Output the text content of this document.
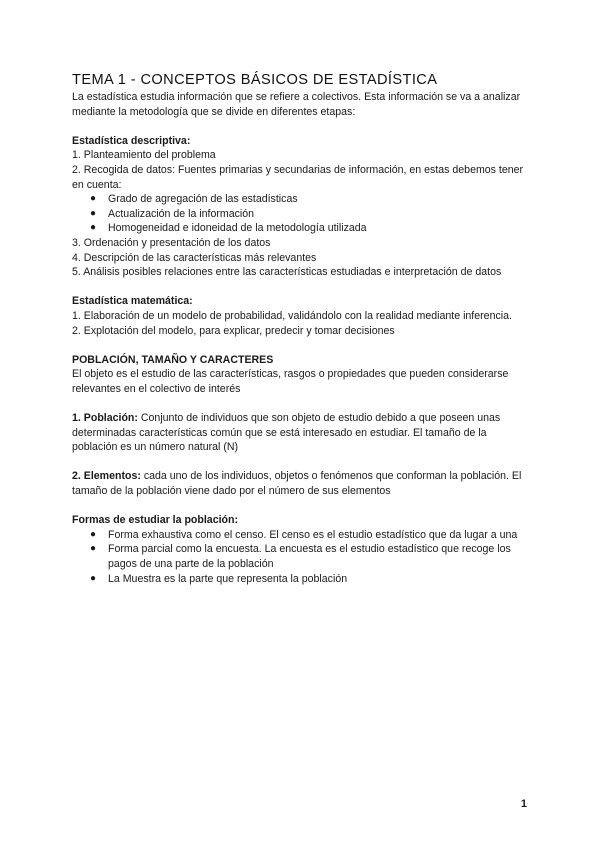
TEMA 1 - CONCEPTOS BÁSICOS DE ESTADÍSTICA

La estadística estudia información que se refiere a colectivos. Esta información se va a analizar mediante la metodología que se divide en diferentes etapas:

Estadística descriptiva:

1. Planteamiento del problema

2. Recogida de datos: Fuentes primarias y secundarias de información, en estas debemos tener en cuenta:

● Grado de agregación de las estadísticas
● Actualización de la información
● Homogeneidad e idoneidad de la metodología utilizada

3. Ordenación y presentación de los datos

4. Descripción de las características más relevantes

5. Análisis posibles relaciones entre las características estudiadas e interpretación de datos

Estadística matemática:

1. Elaboración de un modelo de probabilidad, validándolo con la realidad mediante inferencia.

2. Explotación del modelo, para explicar, predecir y tomar decisiones

POBLACIÓN, TAMAÑO Y CARACTERES

El objeto es el estudio de las características, rasgos o propiedades que pueden considerarse relevantes en el colectivo de interés

1. Población: Conjunto de individuos que son objeto de estudio debido a que poseen unas determinadas características común que se está interesado en estudiar. El tamaño de la población es un número natural (N)

2. Elementos: cada uno de los individuos, objetos o fenómenos que conforman la población. El tamaño de la población viene dado por el número de sus elementos

Formas de estudiar la población:

● Forma exhaustiva como el censo. El censo es el estudio estadístico que da lugar a una
● Forma parcial como la encuesta. La encuesta es el estudio estadístico que recoge los pagos de una parte de la población
● La Muestra es la parte que representa la población
1
